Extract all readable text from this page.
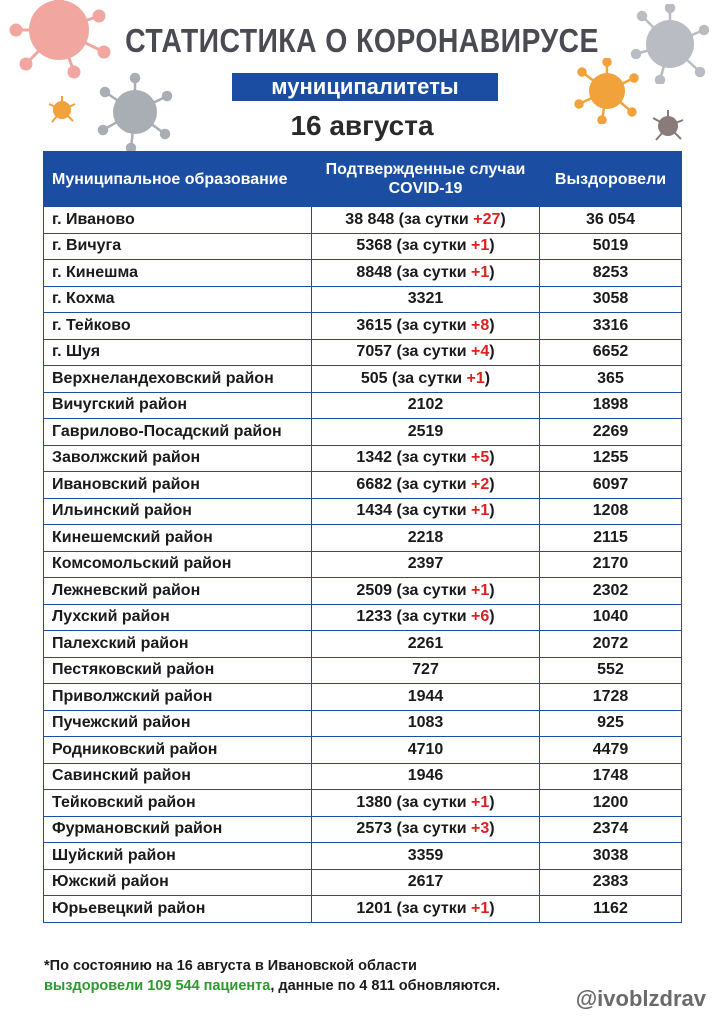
СТАТИСТИКА О КОРОНАВИРУСЕ
муниципалитеты
16 августа
Муниципальное образование	Подтвержденные случаи COVID-19	Выздоровели
г. Иваново	38 848 (за сутки +27)	36 054
г. Вичуга	5368 (за сутки +1)	5019
г. Кинешма	8848 (за сутки +1)	8253
г. Кохма	3321	3058
г. Тейково	3615 (за сутки +8)	3316
г. Шуя	7057 (за сутки +4)	6652
Верхнеландеховский район	505 (за сутки +1)	365
Вичугский район	2102	1898
Гаврилово-Посадский район	2519	2269
Заволжский район	1342 (за сутки +5)	1255
Ивановский район	6682 (за сутки +2)	6097
Ильинский район	1434 (за сутки +1)	1208
Кинешемский район	2218	2115
Комсомольский район	2397	2170
Лежневский район	2509 (за сутки +1)	2302
Лухский район	1233 (за сутки +6)	1040
Палехский район	2261	2072
Пестяковский район	727	552
Приволжский район	1944	1728
Пучежский район	1083	925
Родниковский район	4710	4479
Савинский район	1946	1748
Тейковский район	1380 (за сутки +1)	1200
Фурмановский район	2573 (за сутки +3)	2374
Шуйский район	3359	3038
Южский район	2617	2383
Юрьевецкий район	1201 (за сутки +1)	1162
*По состоянию на 16 августа в Ивановской области
выздоровели 109 544 пациента, данные по 4 811 обновляются.	@ivoblzdrav
